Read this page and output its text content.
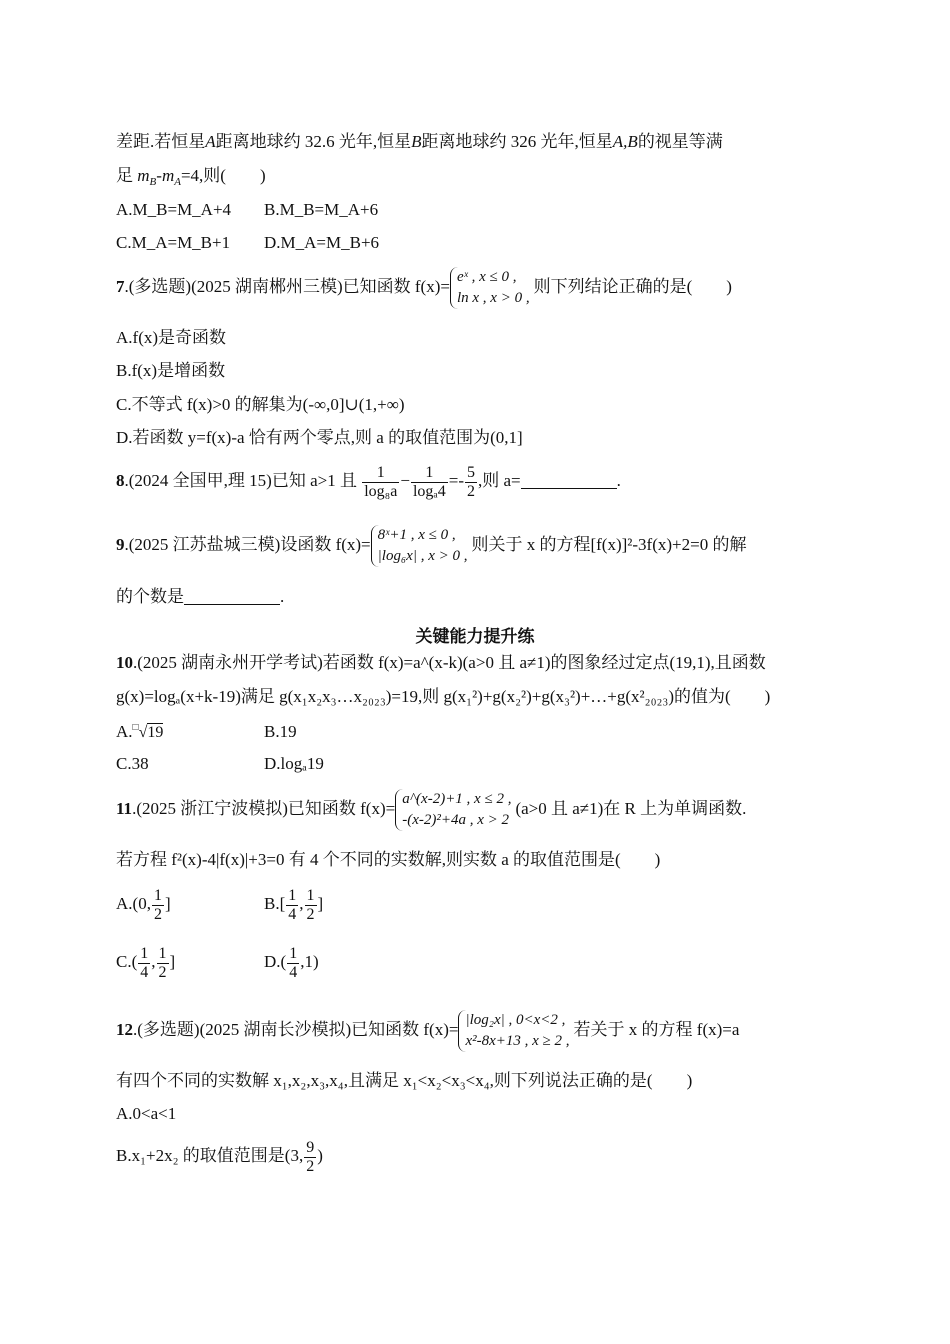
差距.若恒星A距离地球约 32.6 光年,恒星B距离地球约 326 光年,恒星A,B的视星等满
足 $m_B-m_A=4$,则(　　)
A.M_B=M_A+4 B.M_B=M_A+6
C.M_A=M_B+1 D.M_A=M_B+6
7.(多选题)(2025 湖南郴州三模)已知函数 f(x)= eˣ , x ≤ 0 ,
ln x , x > 0 ,
则下列结论正确的是(　　)
A.f(x)是奇函数
B.f(x)是增函数
C.不等式 f(x)>0 的解集为(-∞,0]∪(1,+∞)
D.若函数 y=f(x)-a 恰有两个零点,则 a 的取值范围为(0,1]
8.(2024 全国甲,理 15)已知 a>1 且 $\frac{1}{\text{log₈a}} - \frac{1}{\text{logₐ4}} =- \frac{5}{2}$ ,则 a=	.
9.(2025 江苏盐城三模)设函数 f(x)= 8ˣ+1 , x ≤ 0 ,
|log₆x| , x > 0 ,
则关于 x 的方程[f(x)]²-3f(x)+2=0 的解
的个数是	.
关键能力提升练
10.(2025 湖南永州开学考试)若函数 f(x)=a^(x-k)(a>0 且 a≠1)的图象经过定点(19,1),且函数
g(x)=logₐ(x+k-19)满足 g(x₁x₂x₃…x₂₀₂₃)=19,则 g(x₁²)+g(x₂²)+g(x₃²)+…+g(x²₂₀₂₃)的值为(　　)
A.□√19	B.19
C.38	D.logₐ19
11.(2025 浙江宁波模拟)已知函数 f(x)= a^(x-2)+1 , x ≤ 2 ,
-(x-2)²+4a , x > 2
(a>0 且 a≠1)在 R 上为单调函数.
若方程 f²(x)-4|f(x)|+3=0 有 4 个不同的实数解,则实数 a 的取值范围是(　　)
A.(0, $\frac{1}{2}$ ]	$B.[ \frac{1}{4}$ , $\frac{1}{2}$ ]
$C.( \frac{1}{4}$ , $\frac{1}{2}$ ]	$D.( \frac{1}{4} ,1)$
12.(多选题)(2025 湖南长沙模拟)已知函数 f(x)= |log₂x| , 0<x<2 ,
x²-8x+13 , x ≥ 2 ,
若关于 x 的方程 f(x)=a
有四个不同的实数解 x₁,x₂,x₃,x₄,且满足 x₁<x₂<x₃<x₄,则下列说法正确的是(　　)
A.0<a<1
B.x₁+2x₂ 的取值范围是(3, $\frac{9}{2}$ )
